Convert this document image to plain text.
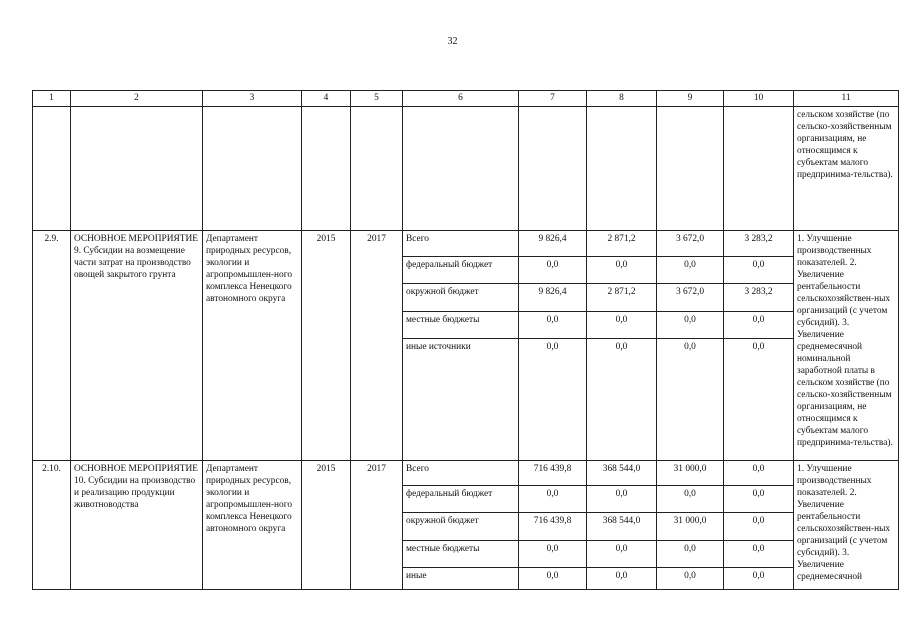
32
1	2	3	4	5	6	7	8	9	10	11
										сельском хозяйстве (по сельско-хозяйственным организациям, не относящимся к субъектам малого предпринима-тельства).
2.9.	ОСНОВНОЕ МЕРОПРИЯТИЕ 9. Субсидии на возмещение части затрат на производство овощей закрытого грунта	Департамент природных ресурсов, экологии и агропромышлен-ного комплекса Ненецкого автономного округа	2015	2017	Всего	9 826,4	2 871,2	3 672,0	3 283,2	1. Улучшение производственных показателей. 2. Увеличение рентабельности сельскохозяйствен-ных организаций (с учетом субсидий). 3. Увеличение среднемесячной номинальной заработной платы в сельском хозяйстве (по сельско-хозяйственным организациям, не относящимся к субъектам малого предпринима-тельства).
					федеральный бюджет	0,0	0,0	0,0	0,0	
					окружной бюджет	9 826,4	2 871,2	3 672,0	3 283,2	
					местные бюджеты	0,0	0,0	0,0	0,0	
					иные источники	0,0	0,0	0,0	0,0	
2.10.	ОСНОВНОЕ МЕРОПРИЯТИЕ 10. Субсидии на производство и реализацию продукции животноводства	Департамент природных ресурсов, экологии и агропромышлен-ного комплекса Ненецкого автономного округа	2015	2017	Всего	716 439,8	368 544,0	31 000,0	0,0	1. Улучшение производственных показателей. 2. Увеличение рентабельности сельскохозяйствен-ных организаций (с учетом субсидий). 3. Увеличение среднемесячной
					федеральный бюджет	0,0	0,0	0,0	0,0	
					окружной бюджет	716 439,8	368 544,0	31 000,0	0,0	
					местные бюджеты	0,0	0,0	0,0	0,0	
					иные	0,0	0,0	0,0	0,0	
